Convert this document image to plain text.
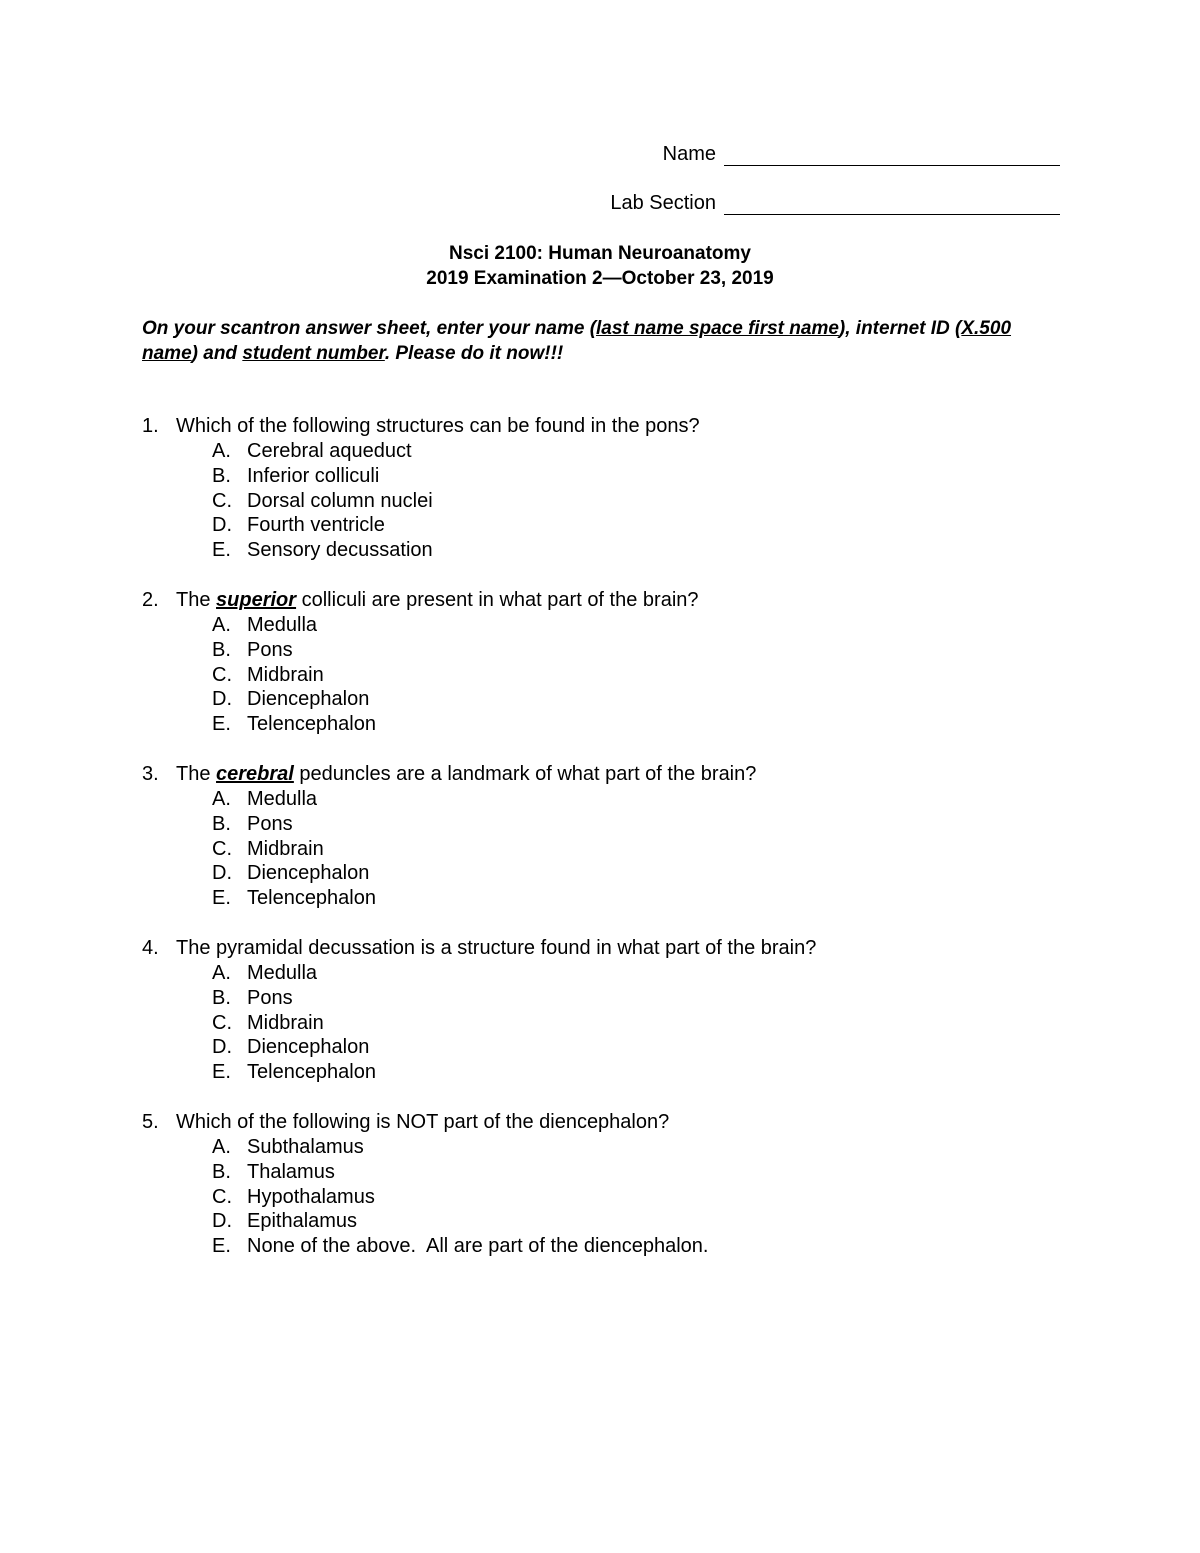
Name
Lab Section
Nsci 2100: Human Neuroanatomy
2019 Examination 2—October 23, 2019
On your scantron answer sheet, enter your name (last name space first name), internet ID (X.500 name) and student number. Please do it now!!!
1. Which of the following structures can be found in the pons?
A. Cerebral aqueduct
B. Inferior colliculi
C. Dorsal column nuclei
D. Fourth ventricle
E. Sensory decussation
2. The superior colliculi are present in what part of the brain?
A. Medulla
B. Pons
C. Midbrain
D. Diencephalon
E. Telencephalon
3. The cerebral peduncles are a landmark of what part of the brain?
A. Medulla
B. Pons
C. Midbrain
D. Diencephalon
E. Telencephalon
4. The pyramidal decussation is a structure found in what part of the brain?
A. Medulla
B. Pons
C. Midbrain
D. Diencephalon
E. Telencephalon
5. Which of the following is NOT part of the diencephalon?
A. Subthalamus
B. Thalamus
C. Hypothalamus
D. Epithalamus
E. None of the above.  All are part of the diencephalon.
